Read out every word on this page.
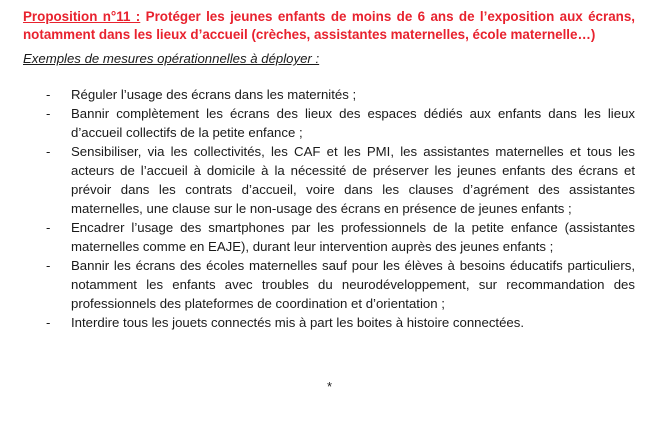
Proposition n°11 : Protéger les jeunes enfants de moins de 6 ans de l’exposition aux écrans, notamment dans les lieux d’accueil (crèches, assistantes maternelles, école maternelle…)

Exemples de mesures opérationnelles à déployer :

- Réguler l’usage des écrans dans les maternités ;
- Bannir complètement les écrans des lieux des espaces dédiés aux enfants dans les lieux d’accueil collectifs de la petite enfance ;
- Sensibiliser, via les collectivités, les CAF et les PMI, les assistantes maternelles et tous les acteurs de l’accueil à domicile à la nécessité de préserver les jeunes enfants des écrans et prévoir dans les contrats d’accueil, voire dans les clauses d’agrément des assistantes maternelles, une clause sur le non-usage des écrans en présence de jeunes enfants ;
- Encadrer l’usage des smartphones par les professionnels de la petite enfance (assistantes maternelles comme en EAJE), durant leur intervention auprès des jeunes enfants ;
- Bannir les écrans des écoles maternelles sauf pour les élèves à besoins éducatifs particuliers, notamment les enfants avec troubles du neurodéveloppement, sur recommandation des professionnels des plateformes de coordination et d’orientation ;
- Interdire tous les jouets connectés mis à part les boites à histoire connectées.
*
